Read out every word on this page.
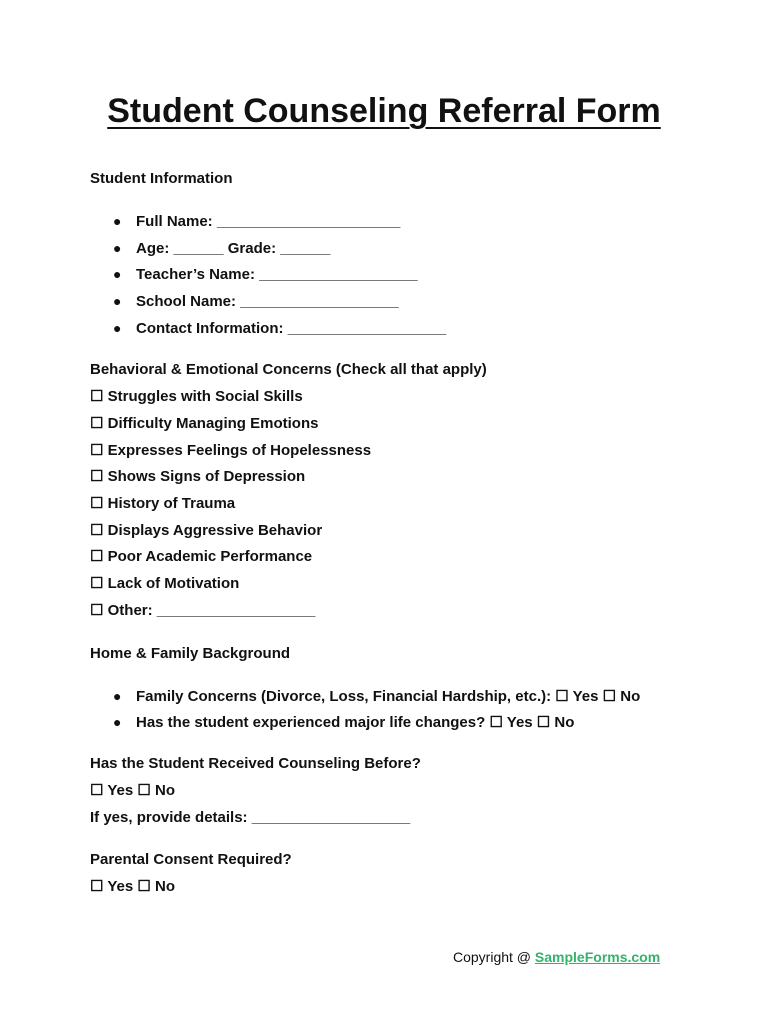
Student Counseling Referral Form
Student Information
● Full Name: ______________________
● Age: ______ Grade: ______
● Teacher’s Name: ___________________
● School Name: ___________________
● Contact Information: ___________________
Behavioral & Emotional Concerns (Check all that apply)
☐ Struggles with Social Skills
☐ Difficulty Managing Emotions
☐ Expresses Feelings of Hopelessness
☐ Shows Signs of Depression
☐ History of Trauma
☐ Displays Aggressive Behavior
☐ Poor Academic Performance
☐ Lack of Motivation
☐ Other: ___________________
Home & Family Background
● Family Concerns (Divorce, Loss, Financial Hardship, etc.): ☐ Yes ☐ No
● Has the student experienced major life changes? ☐ Yes ☐ No
Has the Student Received Counseling Before?
☐ Yes ☐ No
If yes, provide details: ___________________
Parental Consent Required?
☐ Yes ☐ No
Copyright @ SampleForms.com
